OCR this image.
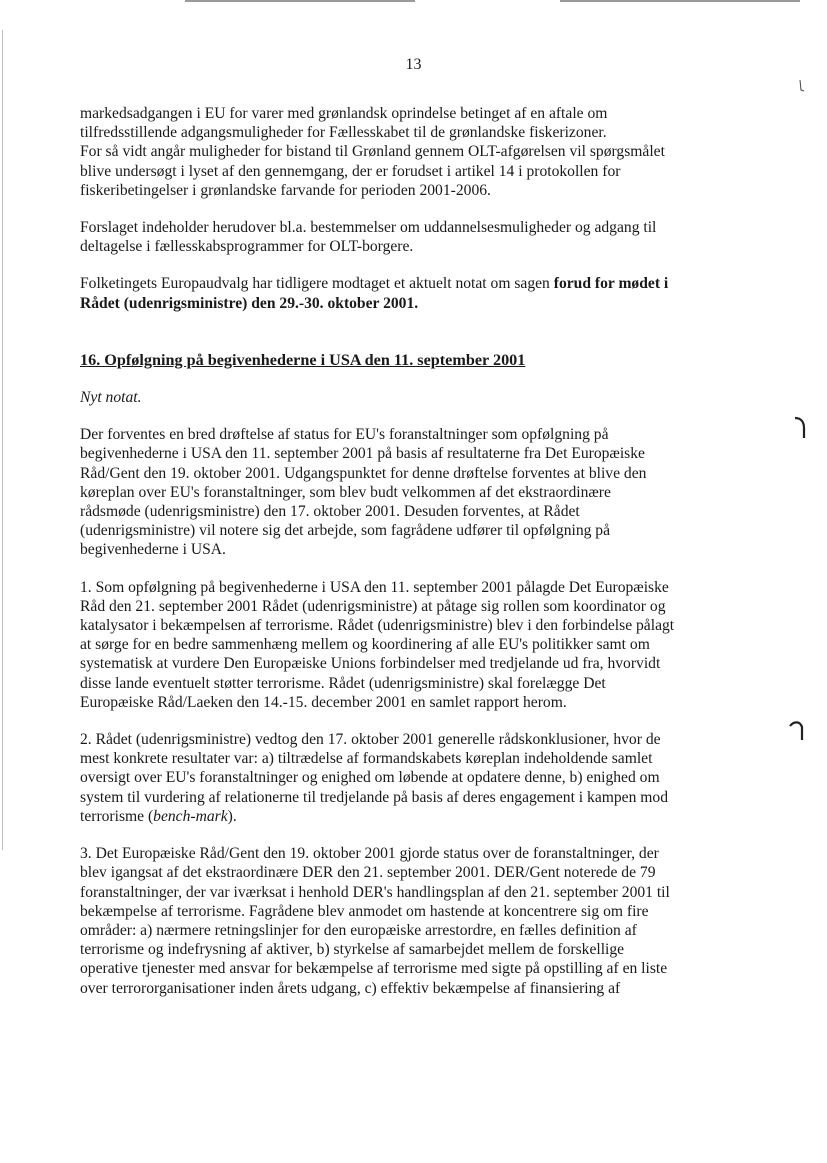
13

markedsadgangen i EU for varer med grønlandsk oprindelse betinget af en aftale om
tilfredsstillende adgangsmuligheder for Fællesskabet til de grønlandske fiskerizoner.
For så vidt angår muligheder for bistand til Grønland gennem OLT-afgørelsen vil spørgsmålet
blive undersøgt i lyset af den gennemgang, der er forudset i artikel 14 i protokollen for
fiskeribetingelser i grønlandske farvande for perioden 2001-2006.

Forslaget indeholder herudover bl.a. bestemmelser om uddannelsesmuligheder og adgang til
deltagelse i fællesskabsprogrammer for OLT-borgere.

Folketingets Europaudvalg har tidligere modtaget et aktuelt notat om sagen forud for mødet i
Rådet (udenrigsministre) den 29.-30. oktober 2001.

16. Opfølgning på begivenhederne i USA den 11. september 2001

Nyt notat.

Der forventes en bred drøftelse af status for EU's foranstaltninger som opfølgning på
begivenhederne i USA den 11. september 2001 på basis af resultaterne fra Det Europæiske
Råd/Gent den 19. oktober 2001. Udgangspunktet for denne drøftelse forventes at blive den
køreplan over EU's foranstaltninger, som blev budt velkommen af det ekstraordinære
rådsmøde (udenrigsministre) den 17. oktober 2001. Desuden forventes, at Rådet
(udenrigsministre) vil notere sig det arbejde, som fagrådene udfører til opfølgning på
begivenhederne i USA.

1. Som opfølgning på begivenhederne i USA den 11. september 2001 pålagde Det Europæiske
Råd den 21. september 2001 Rådet (udenrigsministre) at påtage sig rollen som koordinator og
katalysator i bekæmpelsen af terrorisme. Rådet (udenrigsministre) blev i den forbindelse pålagt
at sørge for en bedre sammenhæng mellem og koordinering af alle EU's politikker samt om
systematisk at vurdere Den Europæiske Unions forbindelser med tredjelande ud fra, hvorvidt
disse lande eventuelt støtter terrorisme. Rådet (udenrigsministre) skal forelægge Det
Europæiske Råd/Laeken den 14.-15. december 2001 en samlet rapport herom.

2. Rådet (udenrigsministre) vedtog den 17. oktober 2001 generelle rådskonklusioner, hvor de
mest konkrete resultater var: a) tiltrædelse af formandskabets køreplan indeholdende samlet
oversigt over EU's foranstaltninger og enighed om løbende at opdatere denne, b) enighed om
system til vurdering af relationerne til tredjelande på basis af deres engagement i kampen mod
terrorisme (bench-mark).

3. Det Europæiske Råd/Gent den 19. oktober 2001 gjorde status over de foranstaltninger, der
blev igangsat af det ekstraordinære DER den 21. september 2001. DER/Gent noterede de 79
foranstaltninger, der var iværksat i henhold DER's handlingsplan af den 21. september 2001 til
bekæmpelse af terrorisme. Fagrådene blev anmodet om hastende at koncentrere sig om fire
områder: a) nærmere retningslinjer for den europæiske arrestordre, en fælles definition af
terrorisme og indefrysning af aktiver, b) styrkelse af samarbejdet mellem de forskellige
operative tjenester med ansvar for bekæmpelse af terrorisme med sigte på opstilling af en liste
over terrororganisationer inden årets udgang, c) effektiv bekæmpelse af finansiering af
